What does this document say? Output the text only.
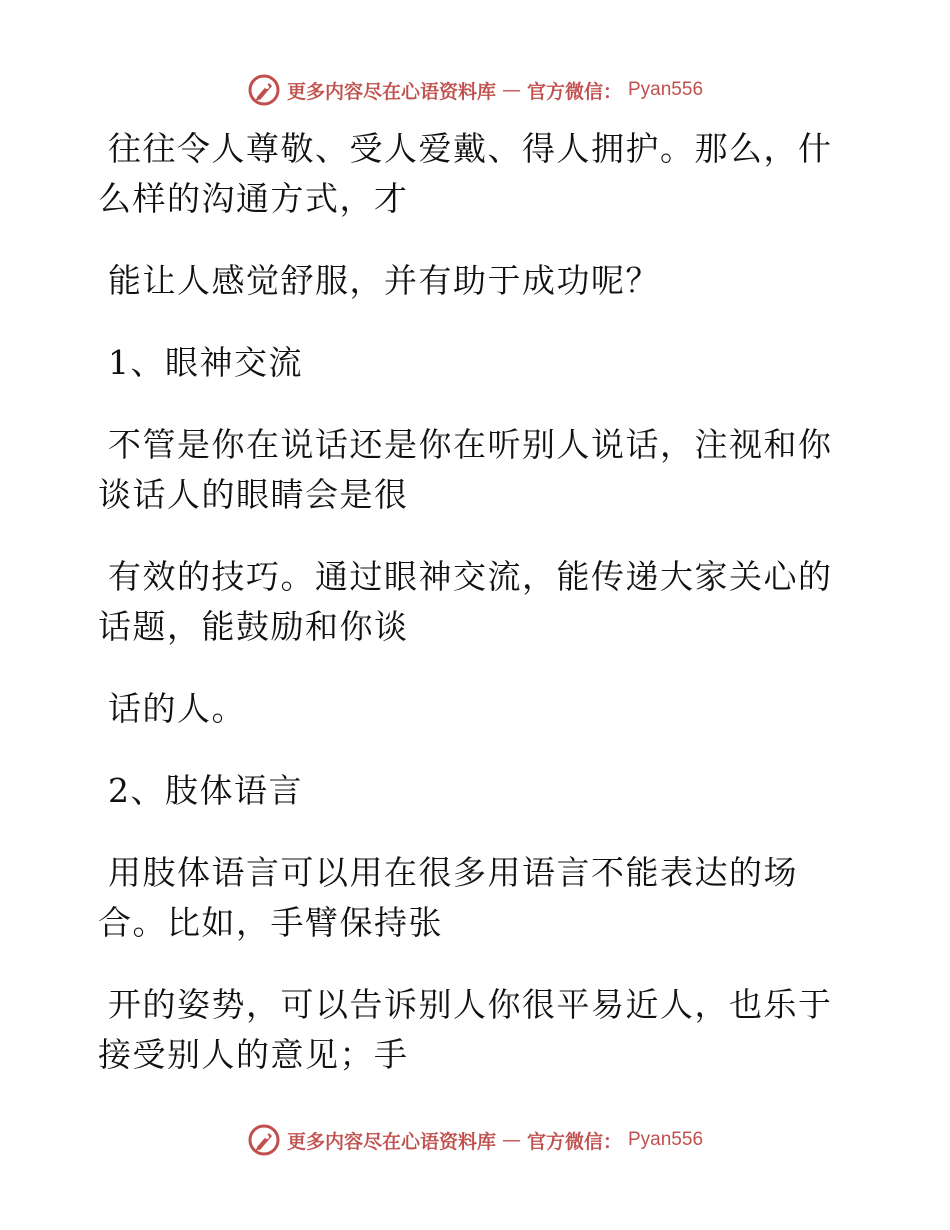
更多内容尽在心语资料库 — 官方微信： Pyan556

往往令人尊敬、受人爱戴、得人拥护。那么，什么样的沟通方式，才

能让人感觉舒服，并有助于成功呢？

1、眼神交流

不管是你在说话还是你在听别人说话，注视和你谈话人的眼睛会是很

有效的技巧。通过眼神交流，能传递大家关心的话题，能鼓励和你谈

话的人。

2、肢体语言

用肢体语言可以用在很多用语言不能表达的场合。比如，手臂保持张

开的姿势，可以告诉别人你很平易近人，也乐于接受别人的意见；手

更多内容尽在心语资料库 — 官方微信： Pyan556
